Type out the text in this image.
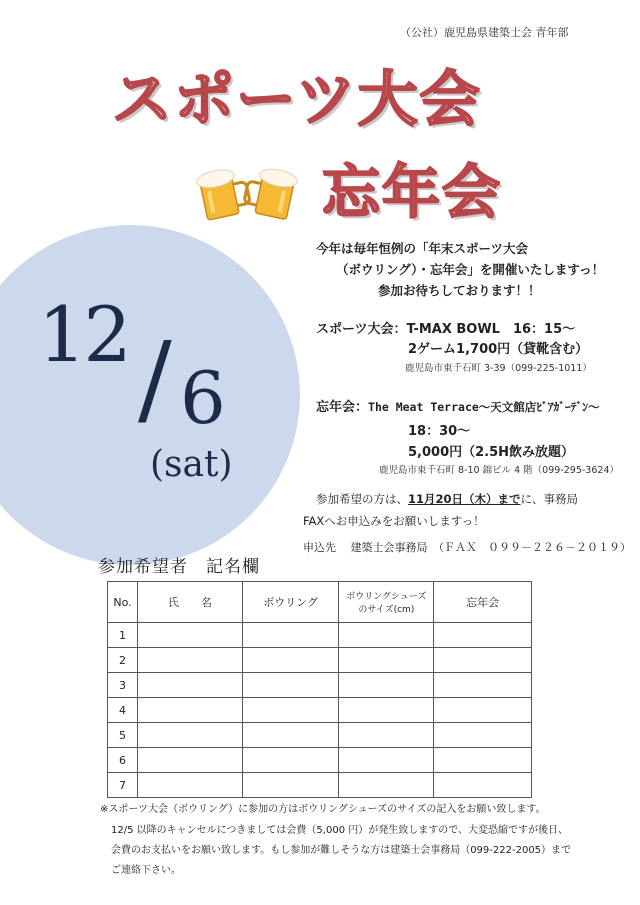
（公社）鹿児島県建築士会 青年部
スポーツ大会
忘年会
12 / 6
(sat)
今年は毎年恒例の「年末スポーツ大会
（ボウリング）・忘年会」を開催いたしますっ！
参加お待ちしております！！
スポーツ大会：T-MAX BOWL　16：15～
2ゲーム1,700円（貸靴含む）
鹿児島市東千石町 3-39（099-225-1011）
忘年会：The Meat Terrace～天文館店ﾋﾞｱｶﾞｰﾃﾞﾝ～
18：30～
5,000円（2.5H飲み放題）
鹿児島市東千石町 8-10 錦ビル 4 階（099-295-3624）
参加希望の方は、11月20日（木）までに、事務局
FAXへお申込みをお願いしますっ！
申込先　 建築士会事務局　（ＦＡＸ　０９９－２２６－２０１９）
参加希望者　記名欄
No.	氏　　名	ボウリング	ボウリングシューズのサイズ(cm)	忘年会
1				
2				
3				
4				
5				
6				
7				
※スポーツ大会（ボウリング）に参加の方はボウリングシューズのサイズの記入をお願い致します。
12/5 以降のキャンセルにつきましては会費（5,000 円）が発生致しますので、大変恐縮ですが後日、
会費のお支払いをお願い致します。もし参加が難しそうな方は建築士会事務局（099-222-2005）まで
ご連絡下さい。
